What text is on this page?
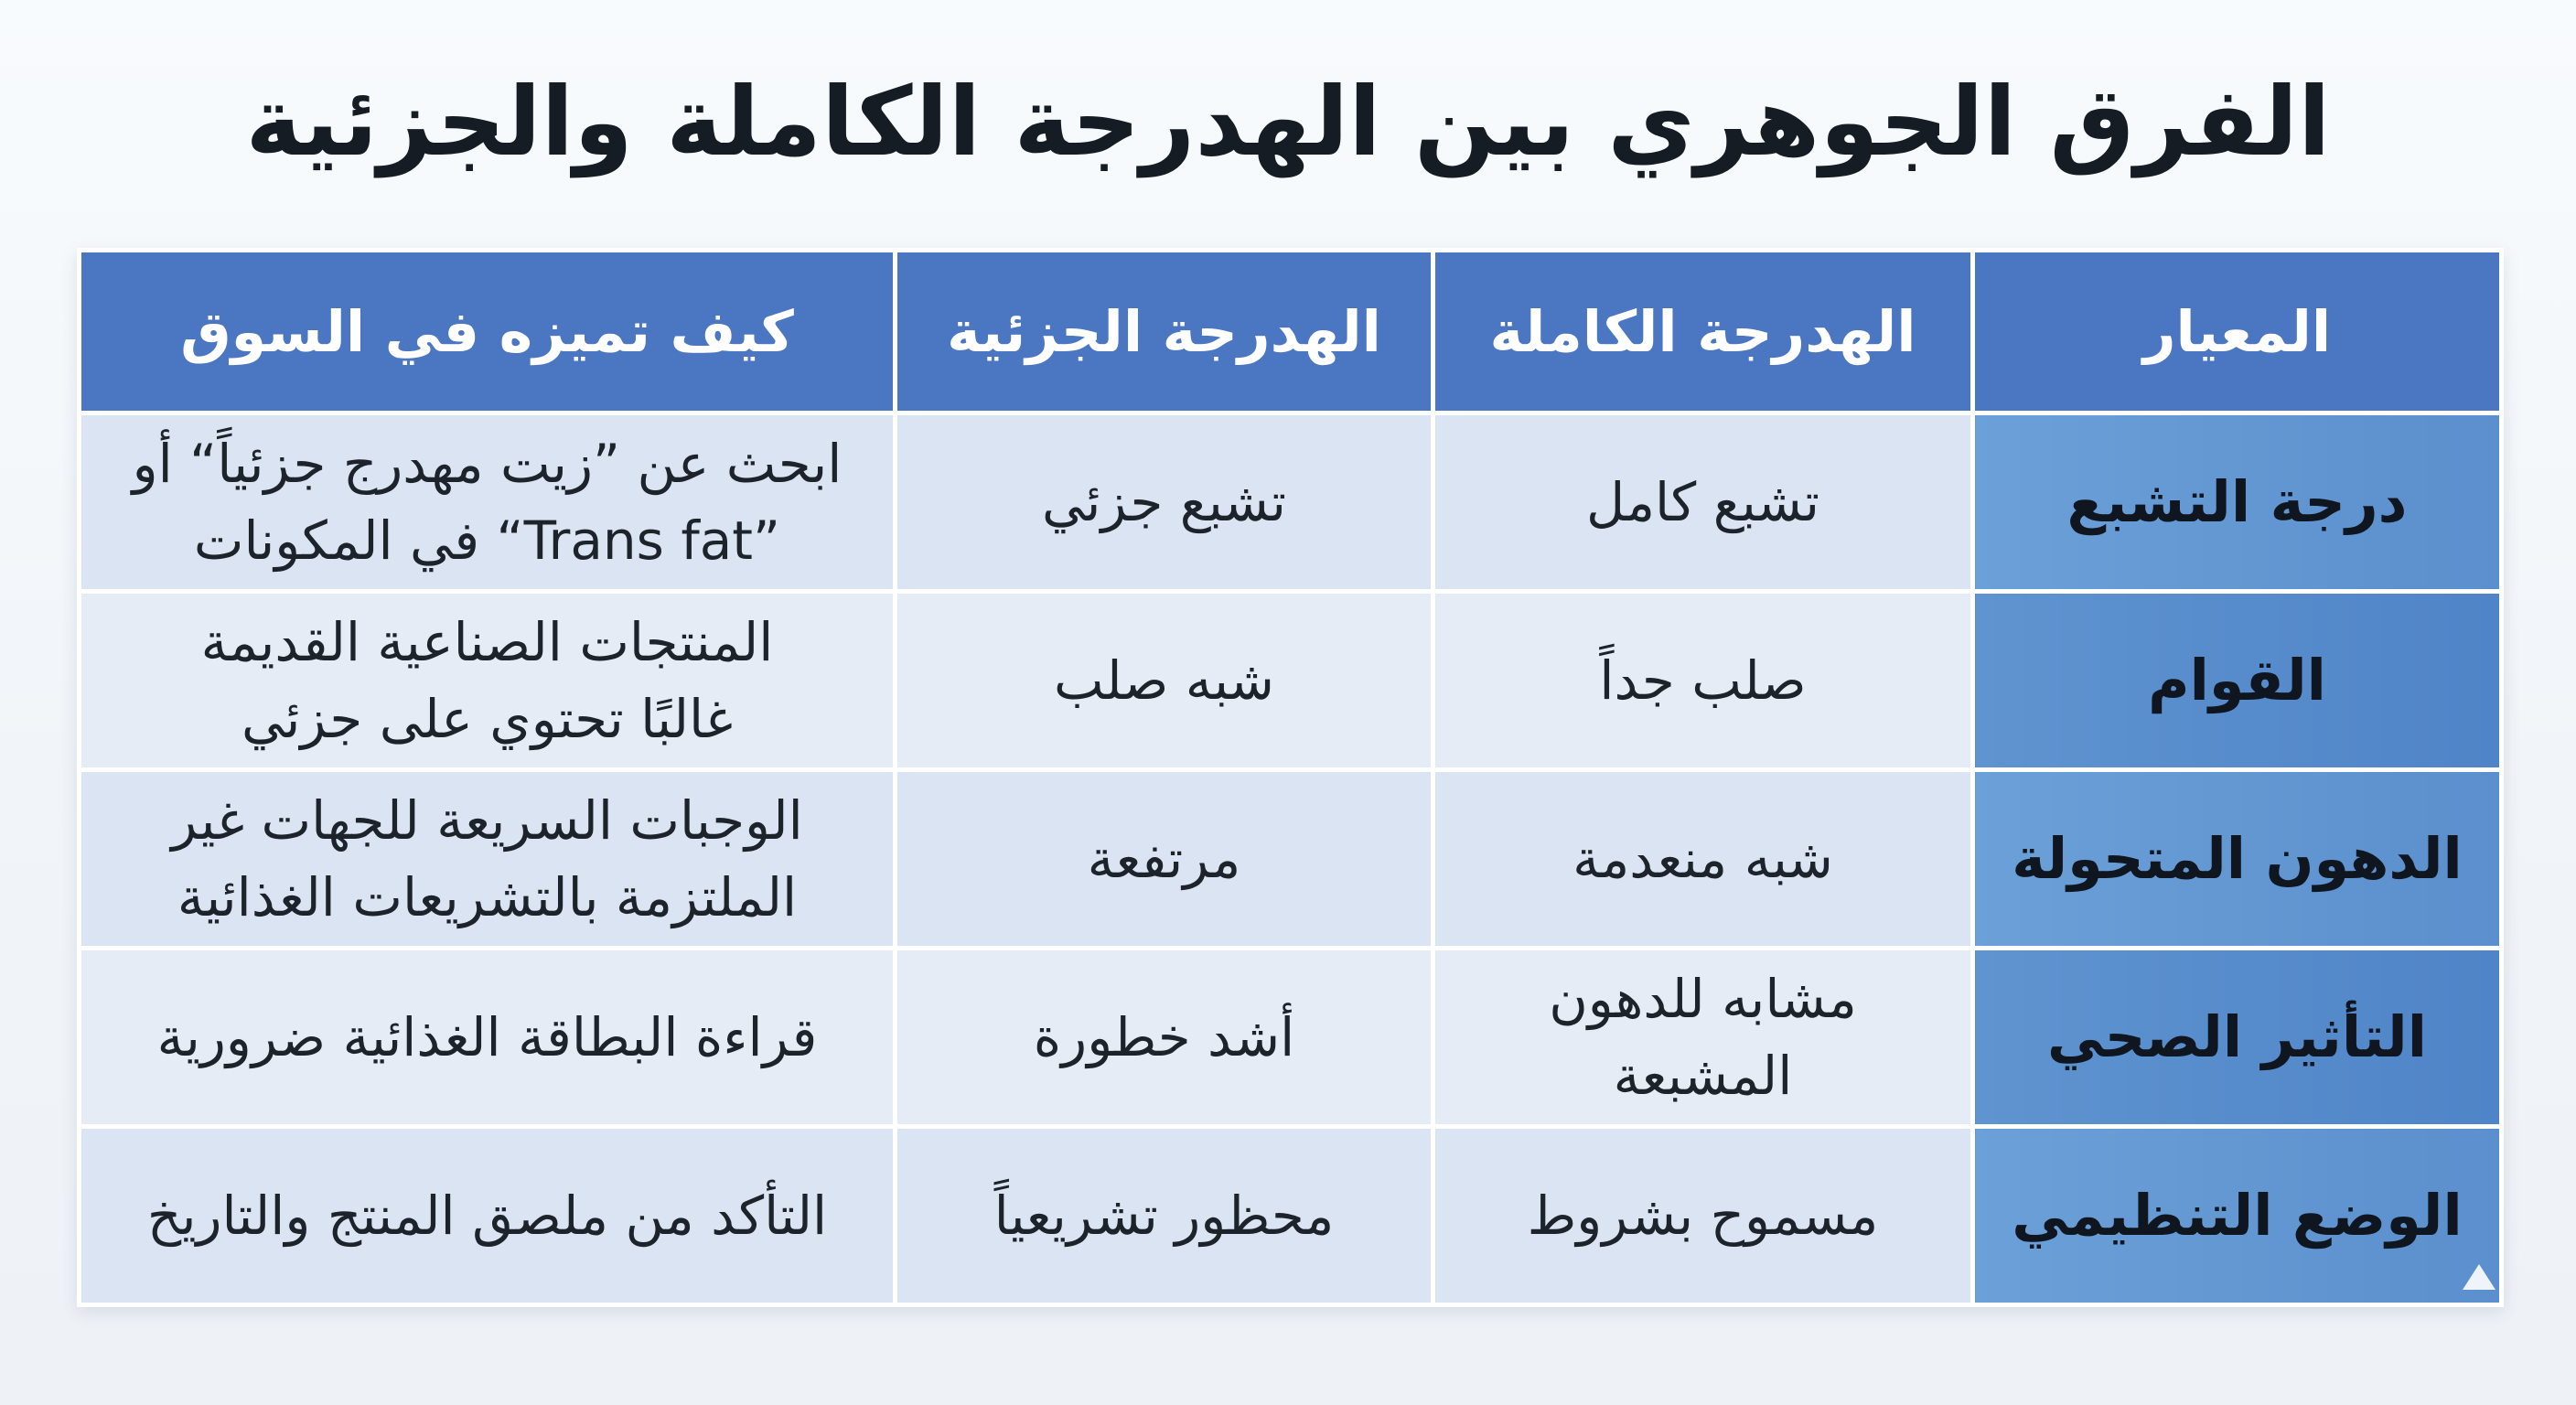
الفرق الجوهري بين الهدرجة الكاملة والجزئية
المعيار	الهدرجة الكاملة	الهدرجة الجزئية	كيف تميزه في السوق

درجة التشبع	تشبع كامل	تشبع جزئي	ابحث عن ”زيت مهدرج جزئياً“ أو
”Trans fat“ في المكونات

القوام	صلب جداً	شبه صلب	المنتجات الصناعية القديمة
غالبًا تحتوي على جزئي

الدهون المتحولة	شبه منعدمة	مرتفعة	الوجبات السريعة للجهات غير
الملتزمة بالتشريعات الغذائية

التأثير الصحي	مشابه للدهون
المشبعة	أشد خطورة	قراءة البطاقة الغذائية ضرورية

الوضع التنظيمي	مسموح بشروط	محظور تشريعياً	التأكد من ملصق المنتج والتاريخ
